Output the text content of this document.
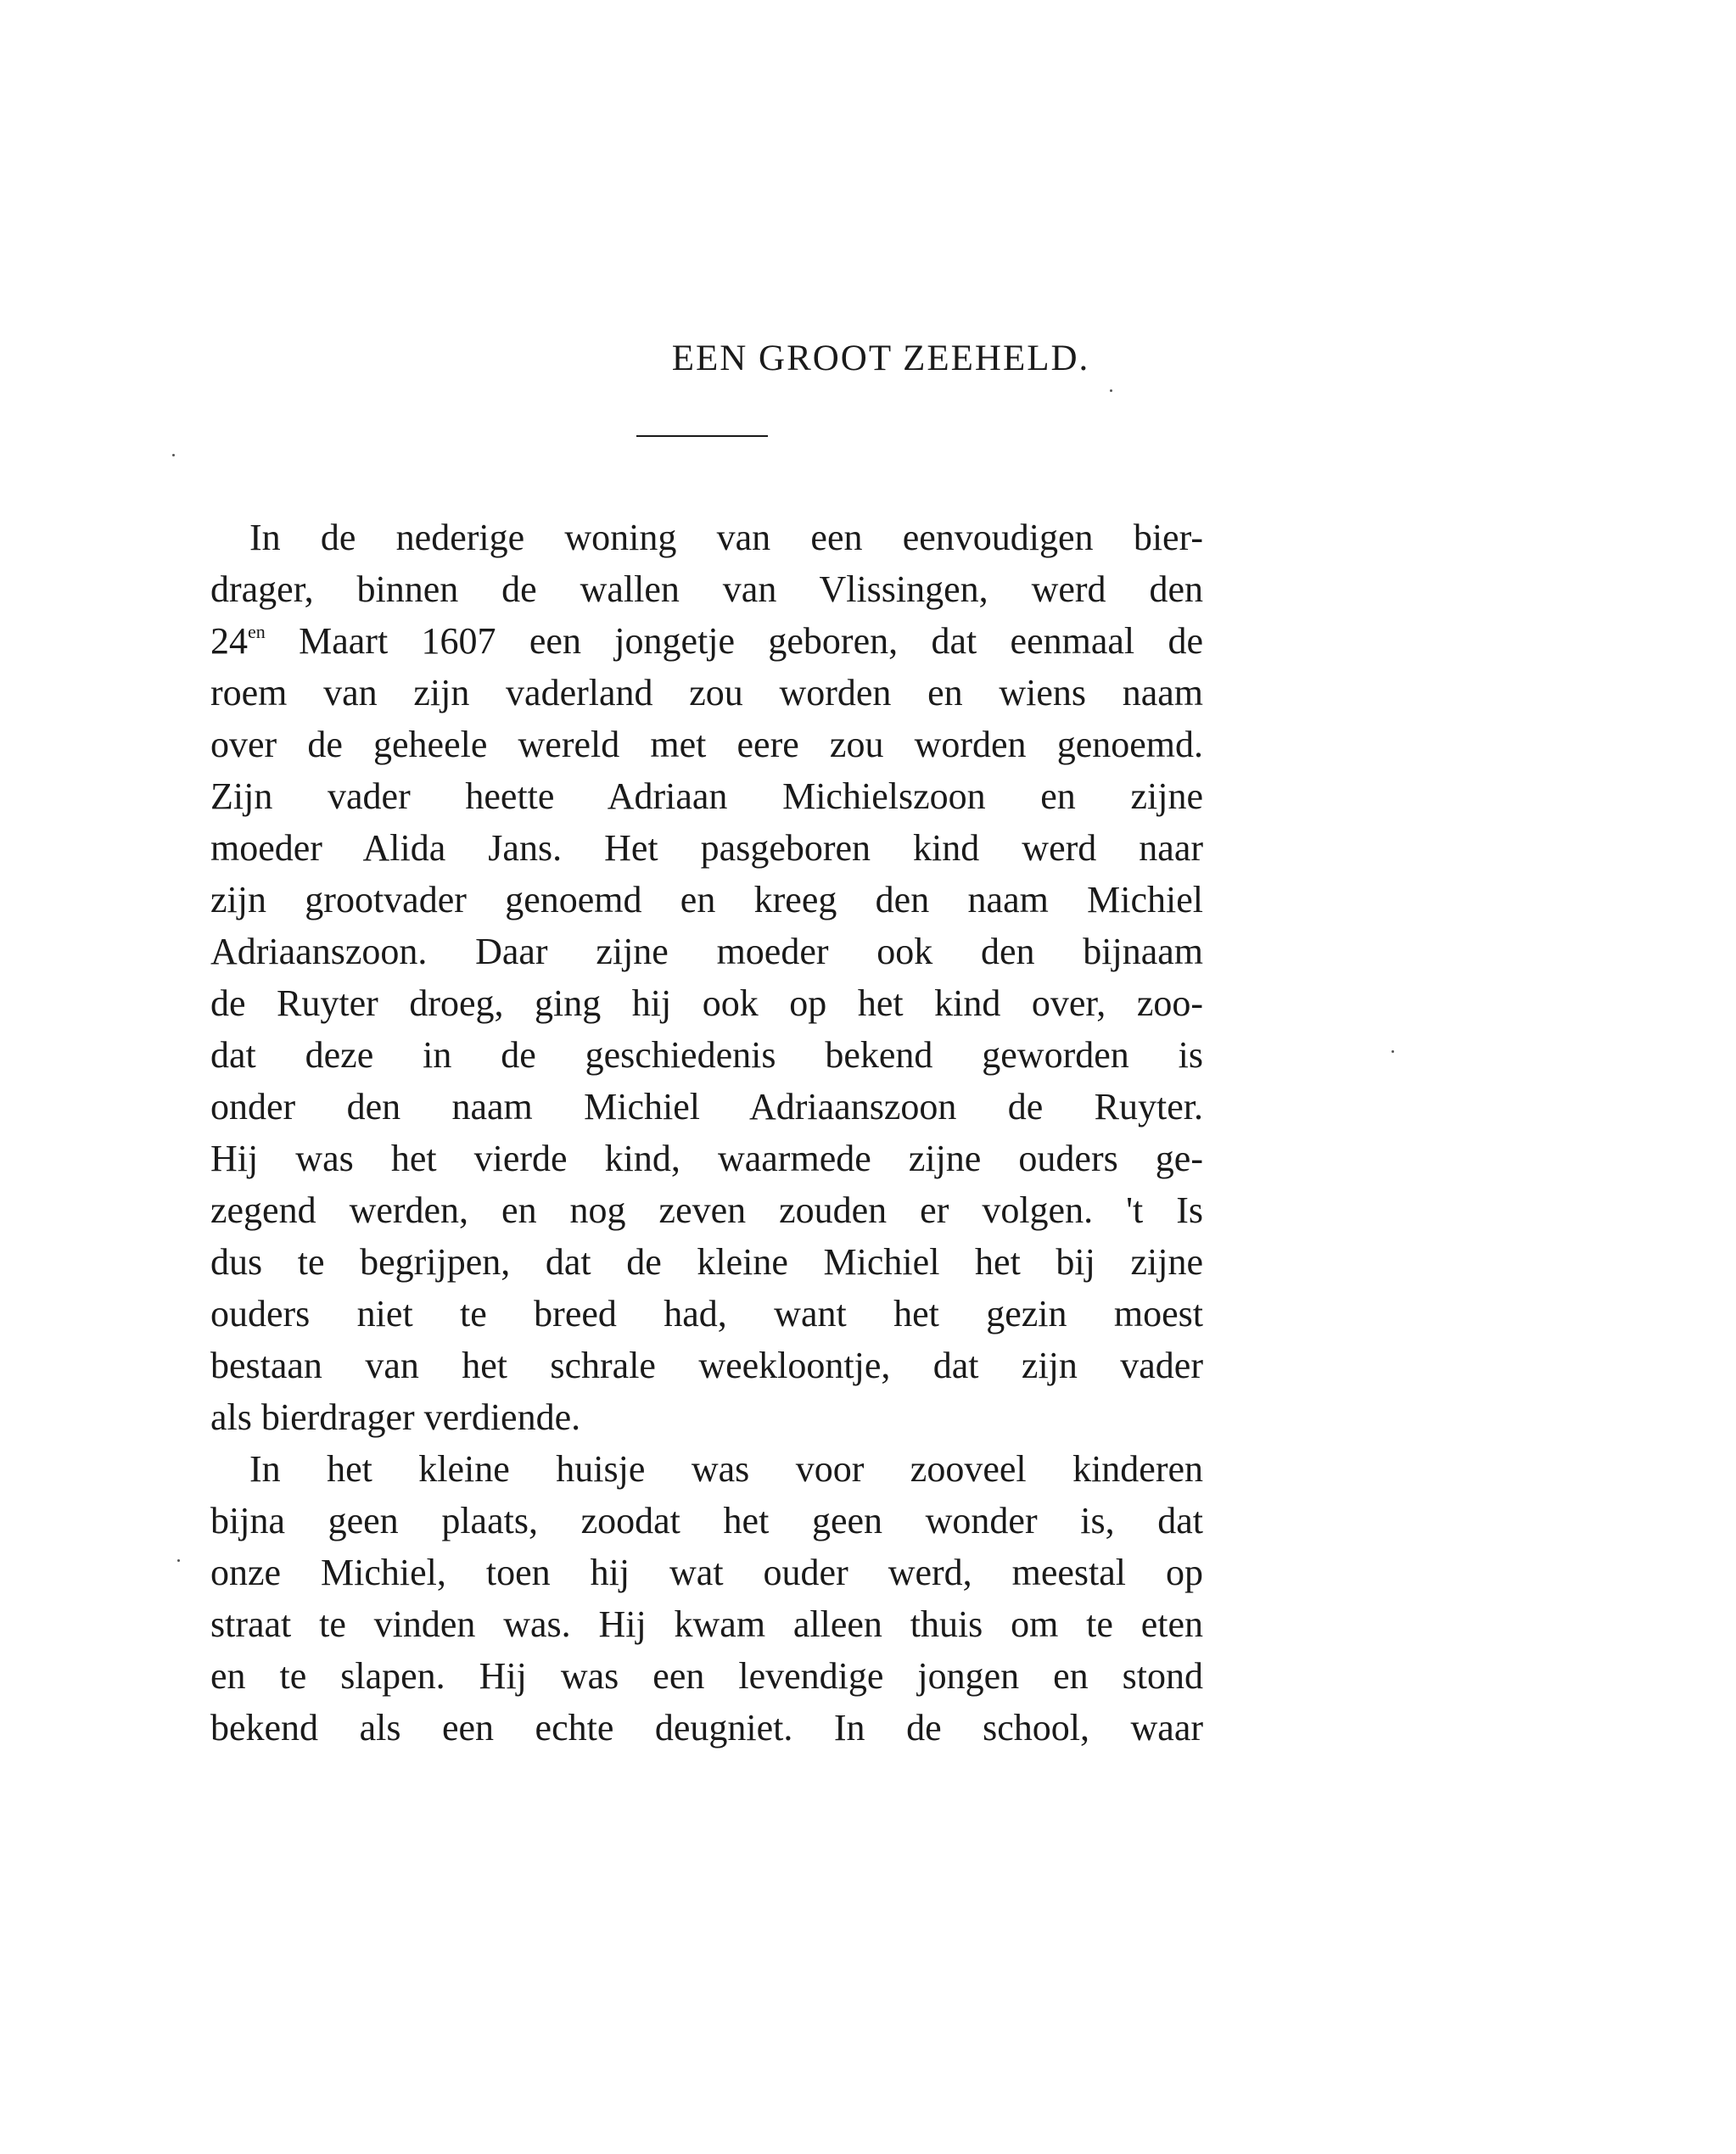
EEN GROOT ZEEHELD.
In de nederige woning van een eenvoudigen bier-
drager, binnen de wallen van Vlissingen, werd den
$24^{en}$ Maart 1607 een jongetje geboren, dat eenmaal de
roem van zijn vaderland zou worden en wiens naam
over de geheele wereld met eere zou worden genoemd.
Zijn vader heette Adriaan Michielszoon en zijne
moeder Alida Jans. Het pasgeboren kind werd naar
zijn grootvader genoemd en kreeg den naam Michiel
Adriaanszoon. Daar zijne moeder ook den bijnaam
de Ruyter droeg, ging hij ook op het kind over, zoo-
dat deze in de geschiedenis bekend geworden is
onder den naam Michiel Adriaanszoon de Ruyter.
Hij was het vierde kind, waarmede zijne ouders ge-
zegend werden, en nog zeven zouden er volgen. 't Is
dus te begrijpen, dat de kleine Michiel het bij zijne
ouders niet te breed had, want het gezin moest
bestaan van het schrale weekloontje, dat zijn vader
als bierdrager verdiende.
In het kleine huisje was voor zooveel kinderen
bijna geen plaats, zoodat het geen wonder is, dat
onze Michiel, toen hij wat ouder werd, meestal op
straat te vinden was. Hij kwam alleen thuis om te eten
en te slapen. Hij was een levendige jongen en stond
bekend als een echte deugniet. In de school, waar
